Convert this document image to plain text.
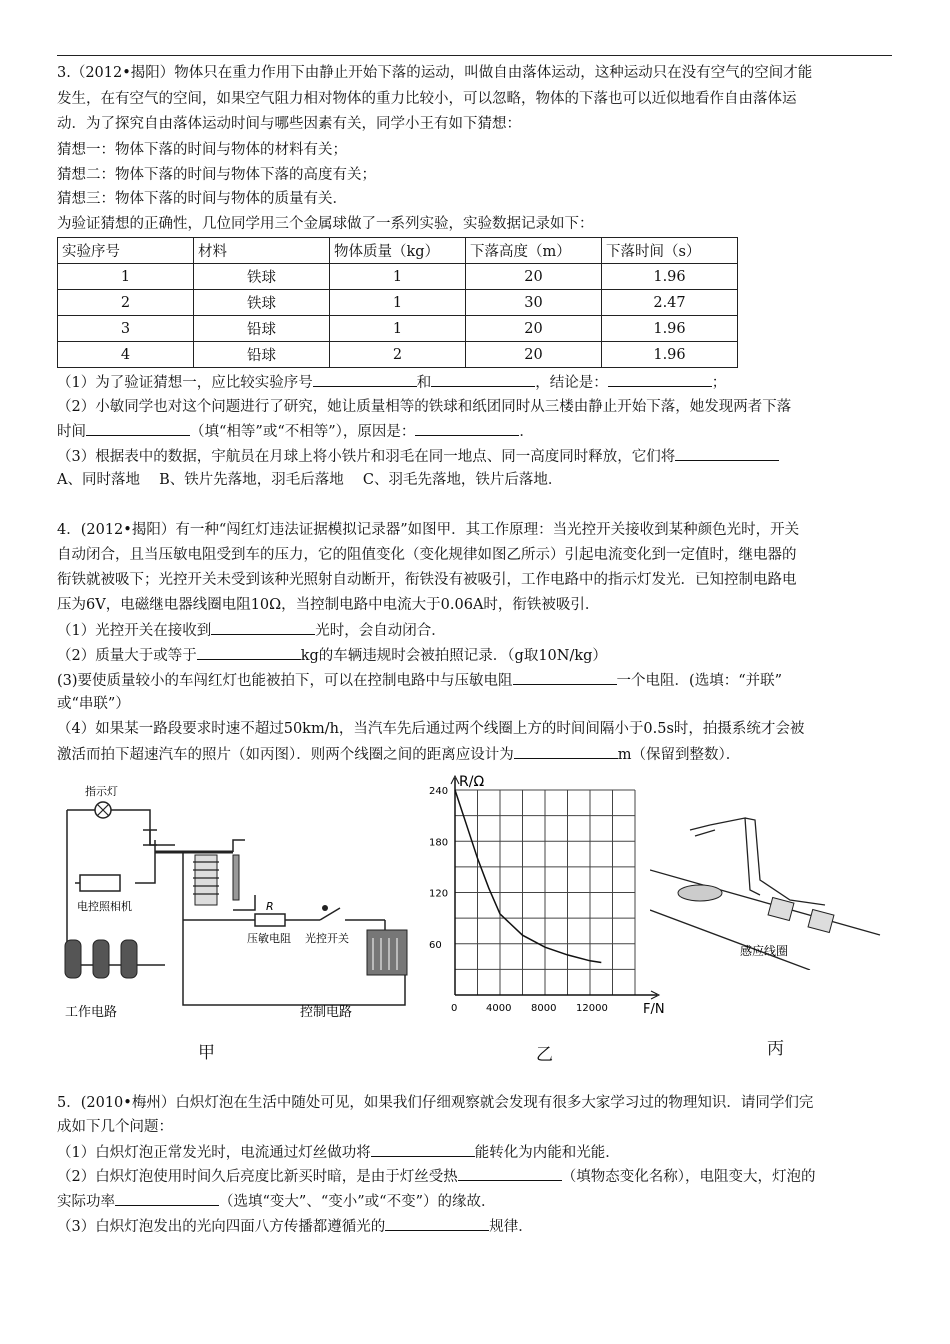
3.（2012•揭阳）物体只在重力作用下由静止开始下落的运动，叫做自由落体运动，这种运动只在没有空气的空间才能
发生，在有空气的空间，如果空气阻力相对物体的重力比较小，可以忽略，物体的下落也可以近似地看作自由落体运
动．为了探究自由落体运动时间与哪些因素有关，同学小王有如下猜想：
猜想一：物体下落的时间与物体的材料有关；
猜想二：物体下落的时间与物体下落的高度有关；
猜想三：物体下落的时间与物体的质量有关．
为验证猜想的正确性，几位同学用三个金属球做了一系列实验，实验数据记录如下：
实验序号	材料	物体质量（kg）	下落高度（m）	下落时间（s）
1	铁球	1	20	1.96
2	铁球	1	30	2.47
3	铅球	1	20	1.96
4	铅球	2	20	1.96
（1）为了验证猜想一，应比较实验序号	和	，结论是：	；
（2）小敏同学也对这个问题进行了研究，她让质量相等的铁球和纸团同时从三楼由静止开始下落，她发现两者下落
时间	（填“相等”或“不相等”），原因是：	．
（3）根据表中的数据，宇航员在月球上将小铁片和羽毛在同一地点、同一高度同时释放，它们将
A、同时落地　 B、铁片先落地，羽毛后落地　 C、羽毛先落地，铁片后落地．
4．(2012•揭阳）有一种“闯红灯违法证据模拟记录器”如图甲．其工作原理：当光控开关接收到某种颜色光时，开关
自动闭合，且当压敏电阻受到车的压力，它的阻值变化（变化规律如图乙所示）引起电流变化到一定值时，继电器的
衔铁就被吸下；光控开关未受到该种光照射自动断开，衔铁没有被吸引，工作电路中的指示灯发光．已知控制电路电
压为6V，电磁继电器线圈电阻10Ω，当控制电路中电流大于0.06A时，衔铁被吸引．
（1）光控开关在接收到	光时，会自动闭合．
（2）质量大于或等于	kg的车辆违规时会被拍照记录．（g取10N/kg）
(3)要使质量较小的车闯红灯也能被拍下，可以在控制电路中与压敏电阻	一个电阻．(选填：“并联”
或“串联”）
（4）如果某一路段要求时速不超过50km/h，当汽车先后通过两个线圈上方的时间间隔小于0.5s时，拍摄系统才会被
激活而拍下超速汽车的照片（如丙图）．则两个线圈之间的距离应设计为	m（保留到整数）．
指示灯
电控照相机	R
压敏电阻 光控开关
工作电路	控制电路
甲
0	4000 8000 12000
60
120
180
240
R/Ω
F/N
乙
感应线圈
丙
5．(2010•梅州）白炽灯泡在生活中随处可见，如果我们仔细观察就会发现有很多大家学习过的物理知识．请同学们完
成如下几个问题：
（1）白炽灯泡正常发光时，电流通过灯丝做功将	能转化为内能和光能．
（2）白炽灯泡使用时间久后亮度比新买时暗，是由于灯丝受热	（填物态变化名称），电阻变大，灯泡的
实际功率	（选填“变大”、“变小”或“不变”）的缘故．
（3）白炽灯泡发出的光向四面八方传播都遵循光的	规律．
